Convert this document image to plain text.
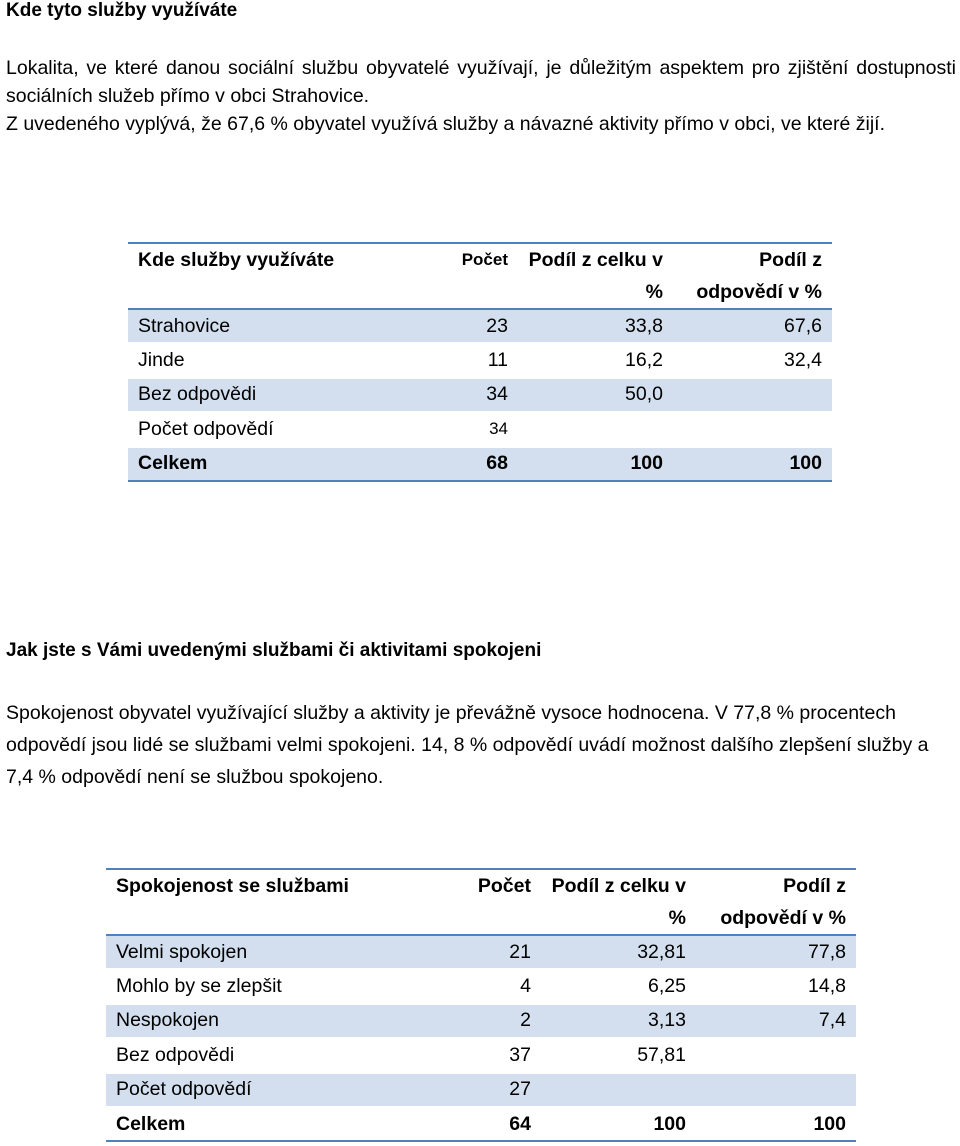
Kde tyto služby využíváte

Lokalita, ve které danou sociální službu obyvatelé využívají, je důležitým aspektem pro zjištění dostupnosti sociálních služeb přímo v obci Strahovice.

Z uvedeného vyplývá, že 67,6 % obyvatel využívá služby a návazné aktivity přímo v obci, ve které žijí.

Kde služby využíváte	Počet	Podíl z celku v %	Podíl z odpovědí v %
Strahovice	23	33,8	67,6
Jinde	11	16,2	32,4
Bez odpovědi	34	50,0	
Počet odpovědí	34		
Celkem	68	100	100
Jak jste s Vámi uvedenými službami či aktivitami spokojeni
Spokojenost obyvatel využívající služby a aktivity je převážně vysoce hodnocena. V 77,8 % procentech odpovědí jsou lidé se službami velmi spokojeni. 14, 8 % odpovědí uvádí možnost dalšího zlepšení služby a 7,4 % odpovědí není se službou spokojeno.
Spokojenost se službami	Počet	Podíl z celku v %	Podíl z odpovědí v %
Velmi spokojen	21	32,81	77,8
Mohlo by se zlepšit	4	6,25	14,8
Nespokojen	2	3,13	7,4
Bez odpovědi	37	57,81	
Počet odpovědí	27		
Celkem	64	100	100
